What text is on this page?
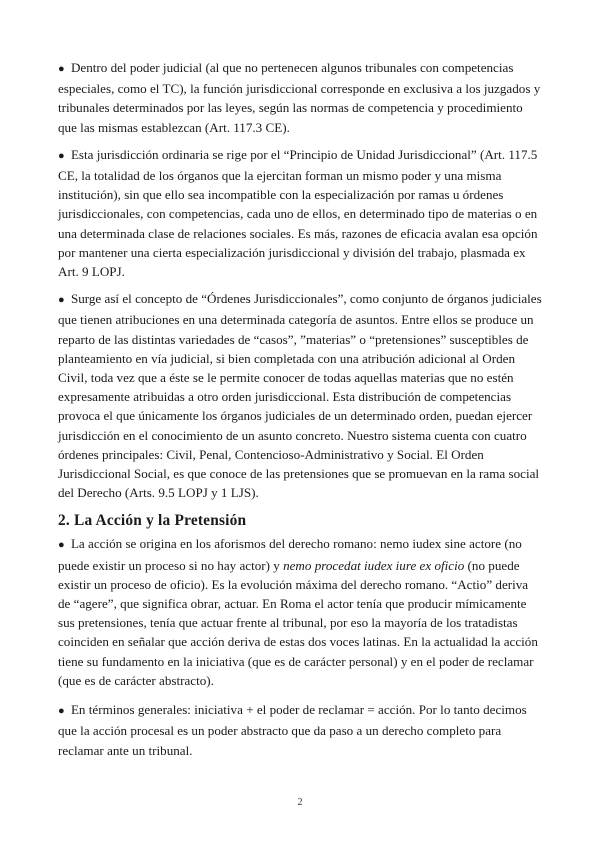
● Dentro del poder judicial (al que no pertenecen algunos tribunales con competencias especiales, como el TC), la función jurisdiccional corresponde en exclusiva a los juzgados y tribunales determinados por las leyes, según las normas de competencia y procedimiento que las mismas establezcan (Art. 117.3 CE).

● Esta jurisdicción ordinaria se rige por el “Principio de Unidad Jurisdiccional” (Art. 117.5 CE, la totalidad de los órganos que la ejercitan forman un mismo poder y una misma institución), sin que ello sea incompatible con la especialización por ramas u órdenes jurisdiccionales, con competencias, cada uno de ellos, en determinado tipo de materias o en una determinada clase de relaciones sociales. Es más, razones de eficacia avalan esa opción por mantener una cierta especialización jurisdiccional y división del trabajo, plasmada ex Art. 9 LOPJ.

● Surge así el concepto de “Órdenes Jurisdiccionales”, como conjunto de órganos judiciales que tienen atribuciones en una determinada categoría de asuntos. Entre ellos se produce un reparto de las distintas variedades de “casos”, ”materias” o “pretensiones” susceptibles de planteamiento en vía judicial, si bien completada con una atribución adicional al Orden Civil, toda vez que a éste se le permite conocer de todas aquellas materias que no estén expresamente atribuidas a otro orden jurisdiccional. Esta distribución de competencias provoca el que únicamente los órganos judiciales de un determinado orden, puedan ejercer jurisdicción en el conocimiento de un asunto concreto. Nuestro sistema cuenta con cuatro órdenes principales: Civil, Penal, Contencioso-Administrativo y Social. El Orden Jurisdiccional Social, es que conoce de las pretensiones que se promuevan en la rama social del Derecho (Arts. 9.5 LOPJ y 1 LJS).

2. La Acción y la Pretensión

● La acción se origina en los aforismos del derecho romano: nemo iudex sine actore (no puede existir un proceso si no hay actor) y nemo procedat iudex iure ex oficio (no puede existir un proceso de oficio). Es la evolución máxima del derecho romano. “Actio” deriva de “agere”, que significa obrar, actuar. En Roma el actor tenía que producir mímicamente sus pretensiones, tenía que actuar frente al tribunal, por eso la mayoría de los tratadistas coinciden en señalar que acción deriva de estas dos voces latinas. En la actualidad la acción tiene su fundamento en la iniciativa (que es de carácter personal) y en el poder de reclamar (que es de carácter abstracto).

● En términos generales: iniciativa + el poder de reclamar = acción. Por lo tanto decimos que la acción procesal es un poder abstracto que da paso a un derecho completo para reclamar ante un tribunal.

2
